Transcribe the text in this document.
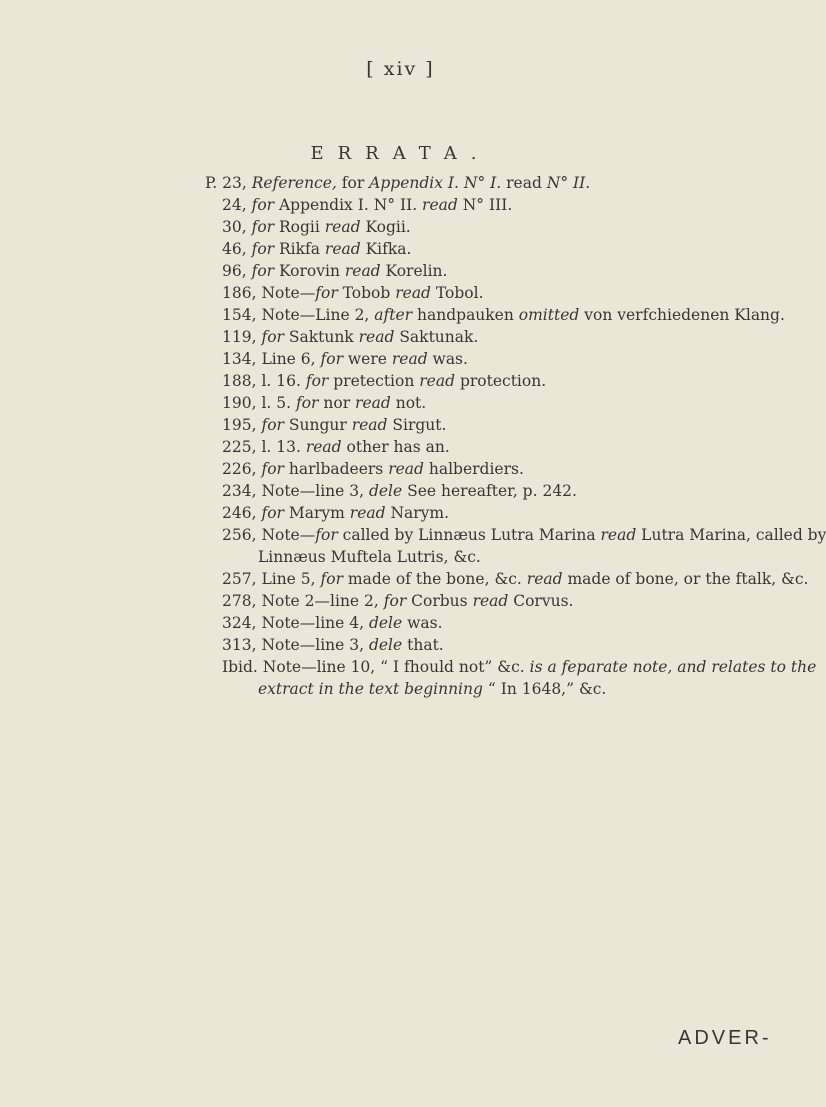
[ xiv ]
ERRATA.
P. 23, Reference, for Appendix I. N° I. read N° II.
24, for Appendix I. N° II. read N° III.
30, for Rogii read Kogii.
46, for Rikfa read Kifka.
96, for Korovin read Korelin.
186, Note—for Tobob read Tobol.
154, Note—Line 2, after handpauken omitted von verfchiedenen Klang.
119, for Saktunk read Saktunak.
134, Line 6, for were read was.
188, l. 16. for pretection read protection.
190, l. 5. for nor read not.
195, for Sungur read Sirgut.
225, l. 13. read other has an.
226, for harlbadeers read halberdiers.
234, Note—line 3, dele See hereafter, p. 242.
246, for Marym read Narym.
256, Note—for called by Linnæus Lutra Marina read Lutra Marina, called by
Linnæus Muftela Lutris, &c.
257, Line 5, for made of the bone, &c. read made of bone, or the ftalk, &c.
278, Note 2—line 2, for Corbus read Corvus.
324, Note—line 4, dele was.
313, Note—line 3, dele that.
Ibid. Note—line 10, “ I fhould not” &c. is a feparate note, and relates to the
extract in the text beginning “ In 1648,” &c.
ADVER-
